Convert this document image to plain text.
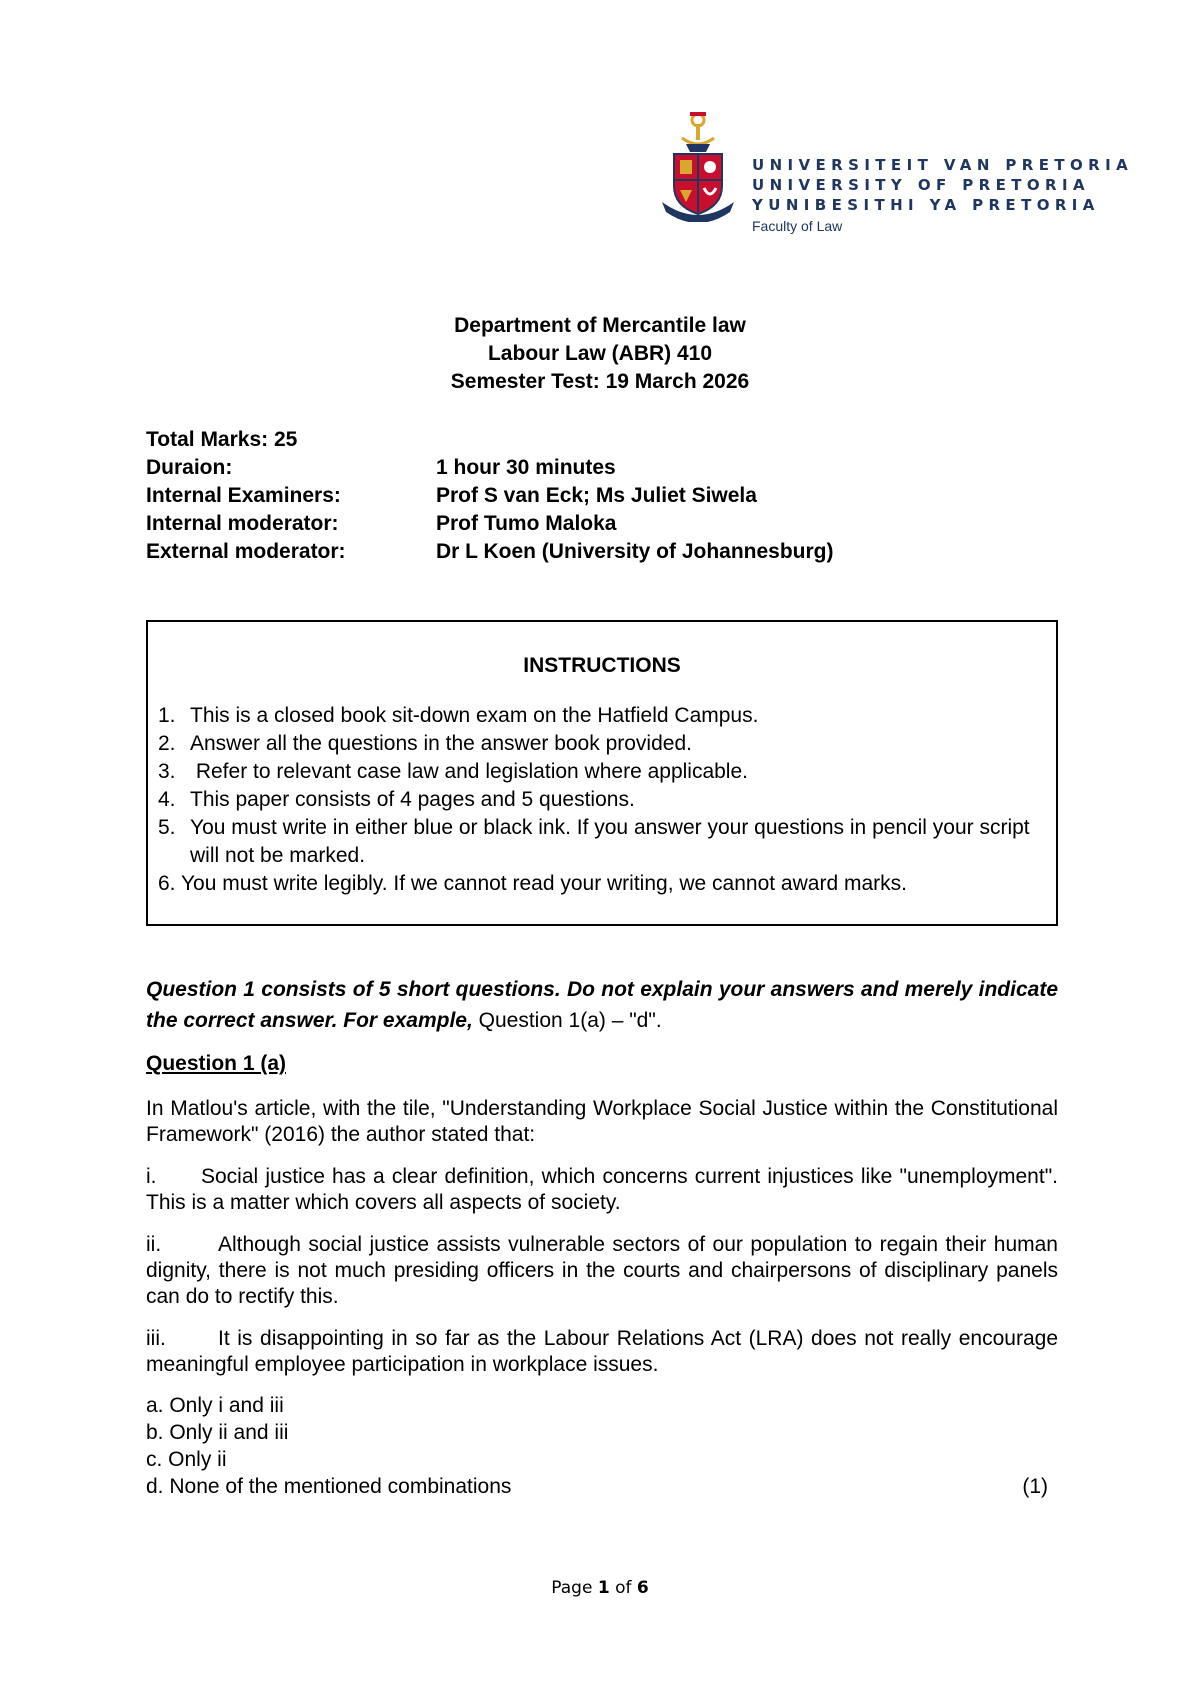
UNIVERSITEIT VAN PRETORIA
UNIVERSITY OF PRETORIA
YUNIBESITHI YA PRETORIA
Faculty of Law
Department of Mercantile law
Labour Law (ABR) 410
Semester Test: 19 March 2026
Total Marks: 25
Duraion:	1 hour 30 minutes
Internal Examiners:	Prof S van Eck; Ms Juliet Siwela
Internal moderator:	Prof Tumo Maloka
External moderator:	Dr L Koen (University of Johannesburg)
INSTRUCTIONS
1. This is a closed book sit-down exam on the Hatfield Campus.
2. Answer all the questions in the answer book provided.
3. Refer to relevant case law and legislation where applicable.
4. This paper consists of 4 pages and 5 questions.
5. You must write in either blue or black ink. If you answer your questions in pencil your script will not be marked.
6. You must write legibly. If we cannot read your writing, we cannot award marks.
Question 1 consists of 5 short questions. Do not explain your answers and merely indicate the correct answer. For example, Question 1(a) – "d".
Question 1 (a)
In Matlou's article, with the tile, "Understanding Workplace Social Justice within the Constitutional Framework" (2016) the author stated that:
i. Social justice has a clear definition, which concerns current injustices like "unemployment". This is a matter which covers all aspects of society.
ii.	Although social justice assists vulnerable sectors of our population to regain their human dignity, there is not much presiding officers in the courts and chairpersons of disciplinary panels can do to rectify this.
iii. It is disappointing in so far as the Labour Relations Act (LRA) does not really encourage meaningful employee participation in workplace issues.
a. Only i and iii
b. Only ii and iii
c. Only ii
d. None of the mentioned combinations	(1)
Page 1 of 6
